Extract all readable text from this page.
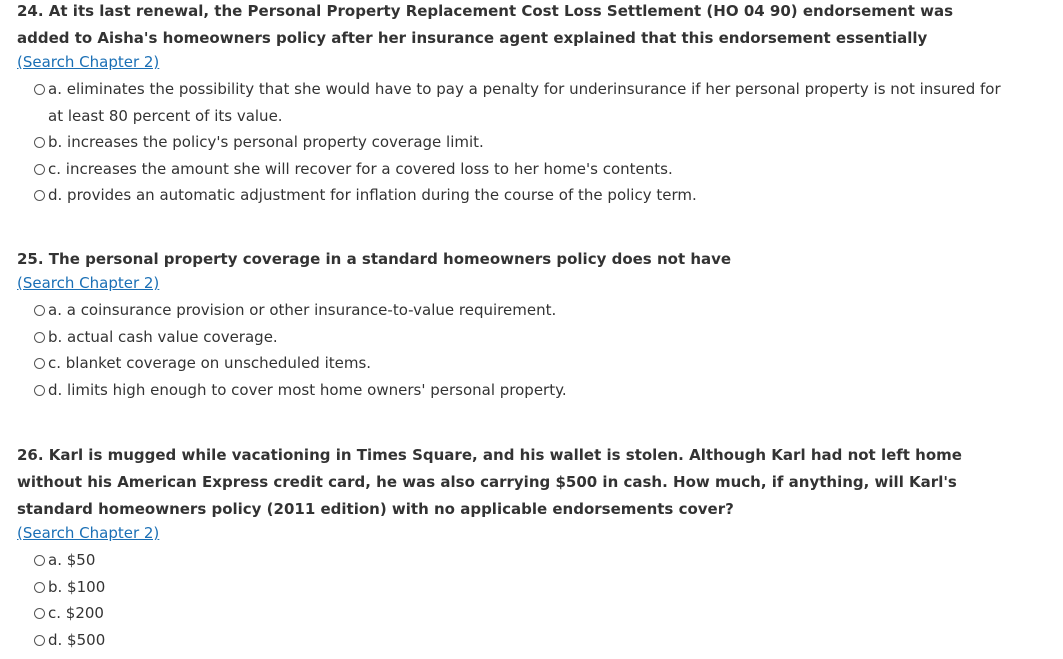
24. At its last renewal, the Personal Property Replacement Cost Loss Settlement (HO 04 90) endorsement was added to Aisha's homeowners policy after her insurance agent explained that this endorsement essentially

(Search Chapter 2)
a. eliminates the possibility that she would have to pay a penalty for underinsurance if her personal property is not insured for at least 80 percent of its value.
b. increases the policy's personal property coverage limit.
c. increases the amount she will recover for a covered loss to her home's contents.
d. provides an automatic adjustment for inflation during the course of the policy term.

25. The personal property coverage in a standard homeowners policy does not have

(Search Chapter 2)
a. a coinsurance provision or other insurance-to-value requirement.
b. actual cash value coverage.
c. blanket coverage on unscheduled items.
d. limits high enough to cover most home owners' personal property.

26. Karl is mugged while vacationing in Times Square, and his wallet is stolen. Although Karl had not left home without his American Express credit card, he was also carrying $500 in cash. How much, if anything, will Karl's standard homeowners policy (2011 edition) with no applicable endorsements cover?

(Search Chapter 2)
a. $50
b. $100
c. $200
d. $500
